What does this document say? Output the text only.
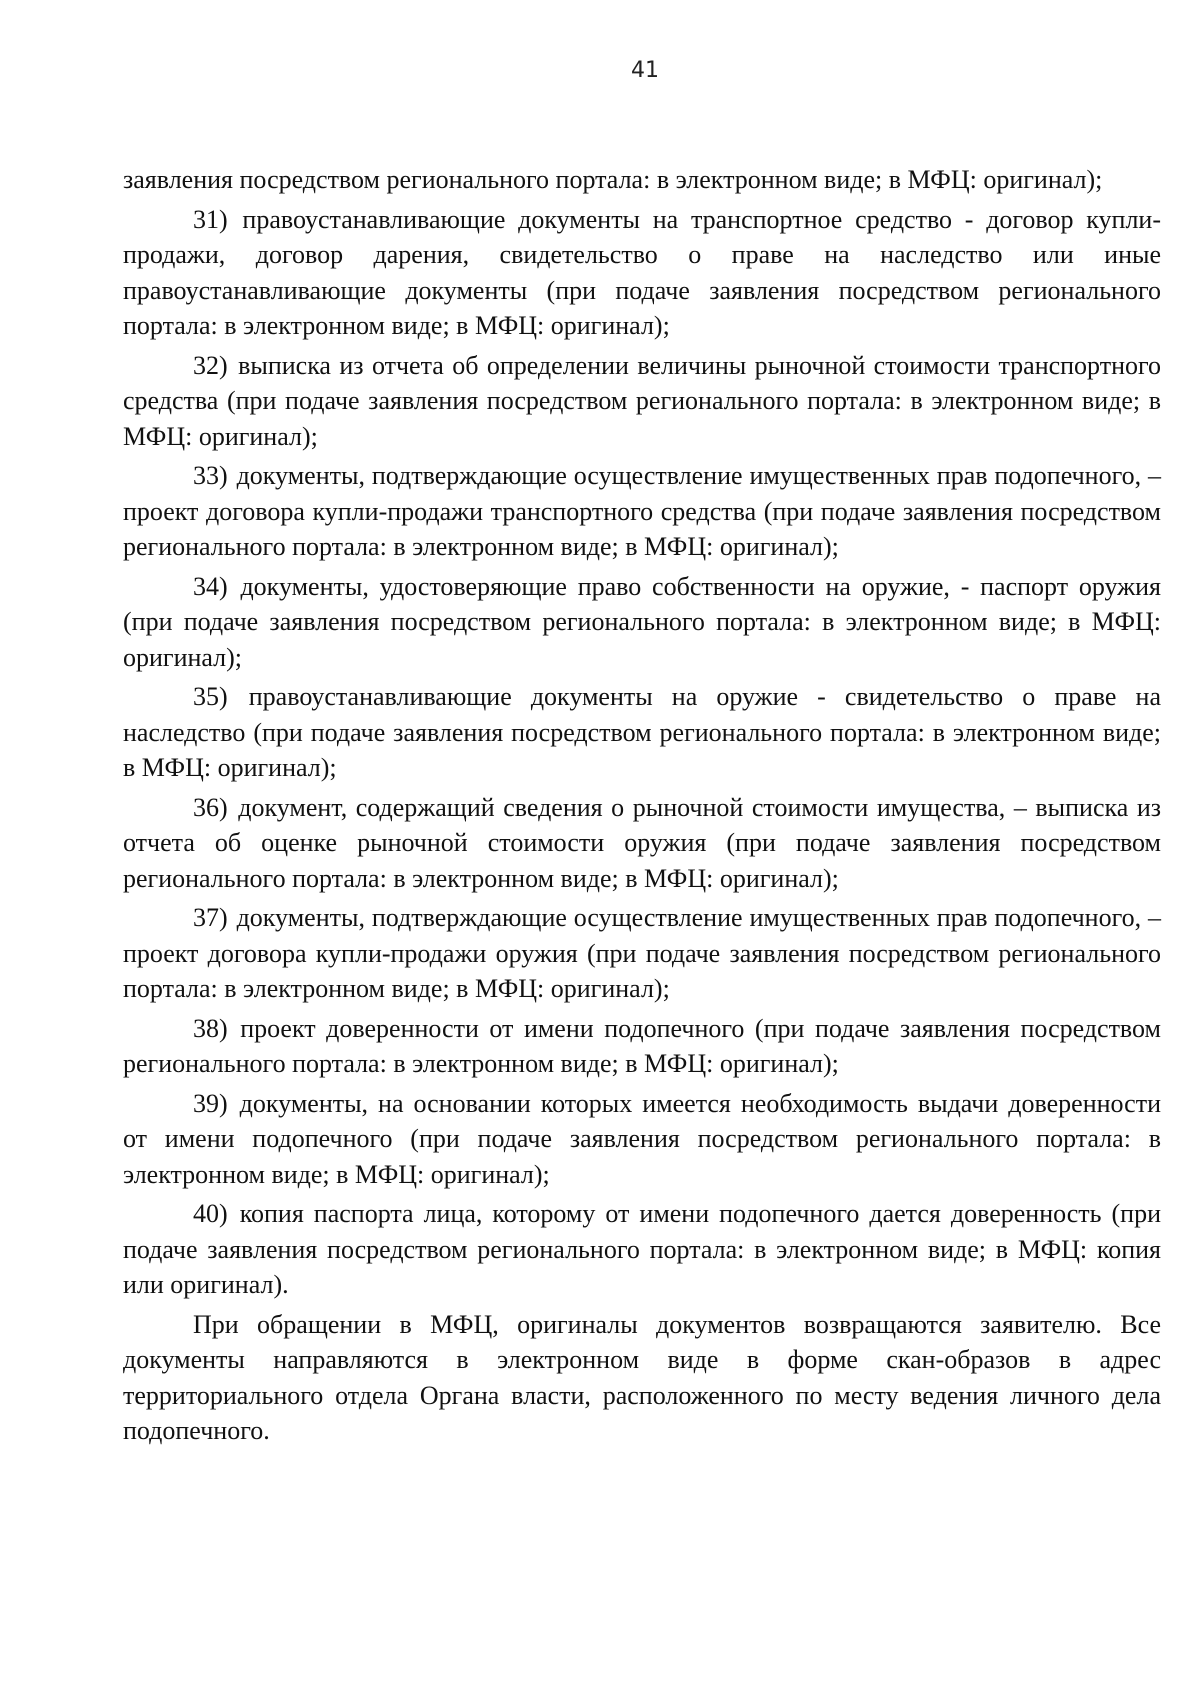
41

заявления посредством регионального портала: в электронном виде; в МФЦ: оригинал);

31) правоустанавливающие документы на транспортное средство - договор купли-продажи, договор дарения, свидетельство о праве на наследство или иные правоустанавливающие документы (при подаче заявления посредством регионального портала: в электронном виде; в МФЦ: оригинал);

32) выписка из отчета об определении величины рыночной стоимости транспортного средства (при подаче заявления посредством регионального портала: в электронном виде; в МФЦ: оригинал);

33) документы, подтверждающие осуществление имущественных прав подопечного, – проект договора купли-продажи транспортного средства (при подаче заявления посредством регионального портала: в электронном виде; в МФЦ: оригинал);

34) документы, удостоверяющие право собственности на оружие, - паспорт оружия (при подаче заявления посредством регионального портала: в электронном виде; в МФЦ: оригинал);

35) правоустанавливающие документы на оружие - свидетельство о праве на наследство (при подаче заявления посредством регионального портала: в электронном виде; в МФЦ: оригинал);

36) документ, содержащий сведения о рыночной стоимости имущества, – выписка из отчета об оценке рыночной стоимости оружия (при подаче заявления посредством регионального портала: в электронном виде; в МФЦ: оригинал);

37) документы, подтверждающие осуществление имущественных прав подопечного, – проект договора купли-продажи оружия (при подаче заявления посредством регионального портала: в электронном виде; в МФЦ: оригинал);

38) проект доверенности от имени подопечного (при подаче заявления посредством регионального портала: в электронном виде; в МФЦ: оригинал);

39) документы, на основании которых имеется необходимость выдачи доверенности от имени подопечного (при подаче заявления посредством регионального портала: в электронном виде; в МФЦ: оригинал);

40) копия паспорта лица, которому от имени подопечного дается доверенность (при подаче заявления посредством регионального портала: в электронном виде; в МФЦ: копия или оригинал).

При обращении в МФЦ, оригиналы документов возвращаются заявителю. Все документы направляются в электронном виде в форме скан-образов в адрес территориального отдела Органа власти, расположенного по месту ведения личного дела подопечного.
